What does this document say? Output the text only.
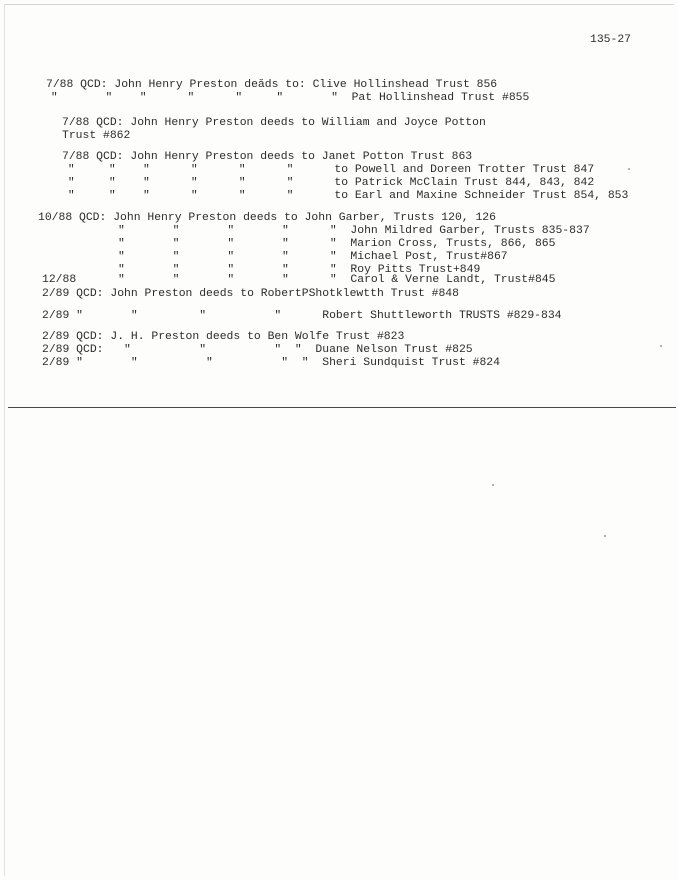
135-27
7/88 QCD: John Henry Preston deăds to: Clive Hollinshead Trust 856
"       "    "      "      "     "       "  Pat Hollinshead Trust #855
7/88 QCD: John Henry Preston deeds to William and Joyce Potton
Trust #862
7/88 QCD: John Henry Preston deeds to Janet Potton Trust 863
"     "    "      "      "      "      to Powell and Doreen Trotter Trust 847
"     "    "      "      "      "      to Patrick McClain Trust 844, 843, 842
"     "    "      "      "      "      to Earl and Maxine Schneider Trust 854, 853
10/88 QCD: John Henry Preston deeds to John Garber, Trusts 120, 126
"       "       "       "      "  John Mildred Garber, Trusts 835-837
"       "       "       "      "  Marion Cross, Trusts, 866, 865
"       "       "       "      "  Michael Post, Trust#867
"       "       "       "      "  Roy Pitts Trust+849
12/88	"       "       "       "      "  Carol & Verne Landt, Trust#845
2/89 QCD: John Preston deeds to RobertPShotklewtth Trust #848
2/89 "       "         "          "      Robert Shuttleworth TRUSTS #829-834
2/89 QCD: J. H. Preston deeds to Ben Wolfe Trust #823
2/89 QCD:   "          "          "  "  Duane Nelson Trust #825
2/89 "       "          "          "  "  Sheri Sundquist Trust #824
